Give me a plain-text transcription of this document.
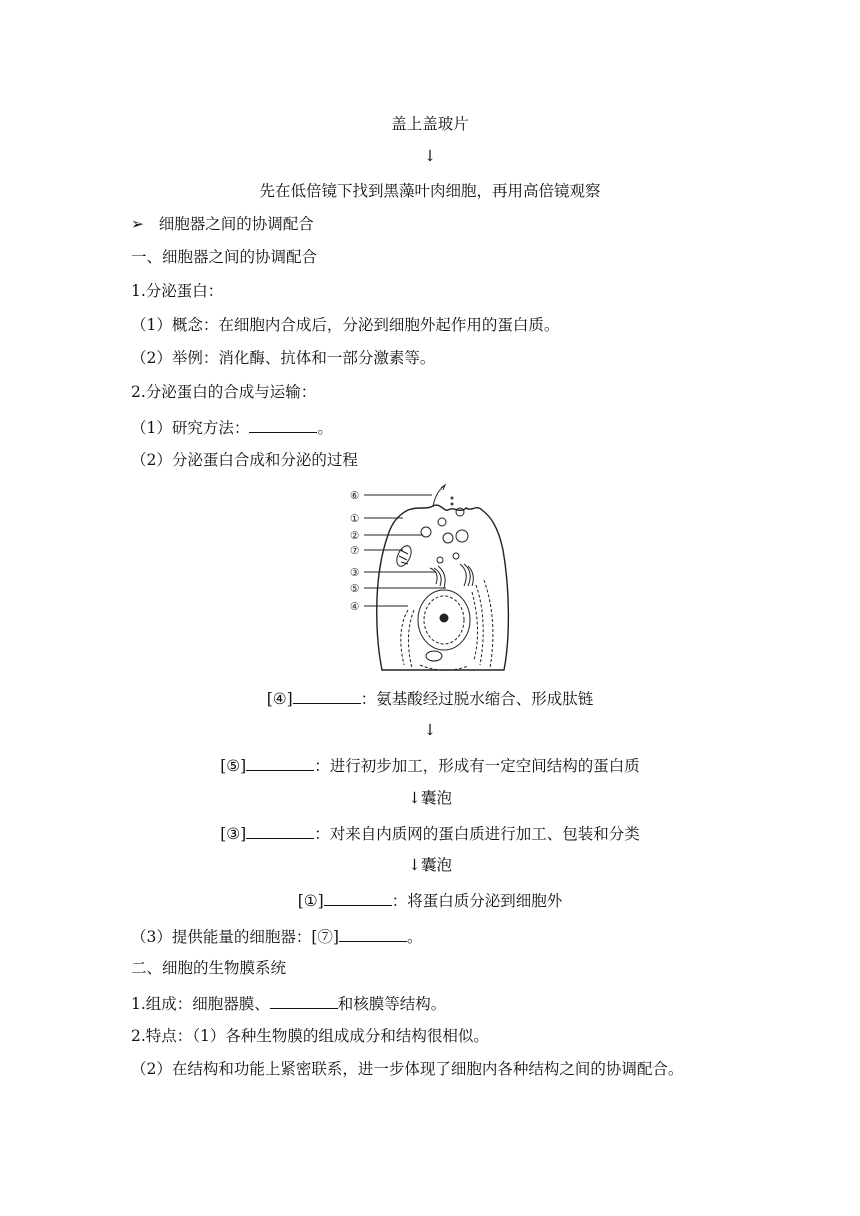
盖上盖玻片
↓
先在低倍镜下找到黑藻叶肉细胞，再用高倍镜观察
➢ 细胞器之间的协调配合
一、细胞器之间的协调配合
1.分泌蛋白：
（1）概念：在细胞内合成后，分泌到细胞外起作用的蛋白质。
（2）举例：消化酶、抗体和一部分激素等。
2.分泌蛋白的合成与运输：
（1）研究方法：	。
（2）分泌蛋白合成和分泌的过程
⑥
①
②
⑦
③
⑤
④
[④]	：氨基酸经过脱水缩合、形成肽链
↓
[⑤]	：进行初步加工，形成有一定空间结构的蛋白质
↓囊泡
[③]	：对来自内质网的蛋白质进行加工、包装和分类
↓囊泡
[①]	：将蛋白质分泌到细胞外
（3）提供能量的细胞器：[⑦]	。
二、细胞的生物膜系统
1.组成：细胞器膜、	和核膜等结构。
2.特点：（1）各种生物膜的组成成分和结构很相似。
（2）在结构和功能上紧密联系，进一步体现了细胞内各种结构之间的协调配合。
